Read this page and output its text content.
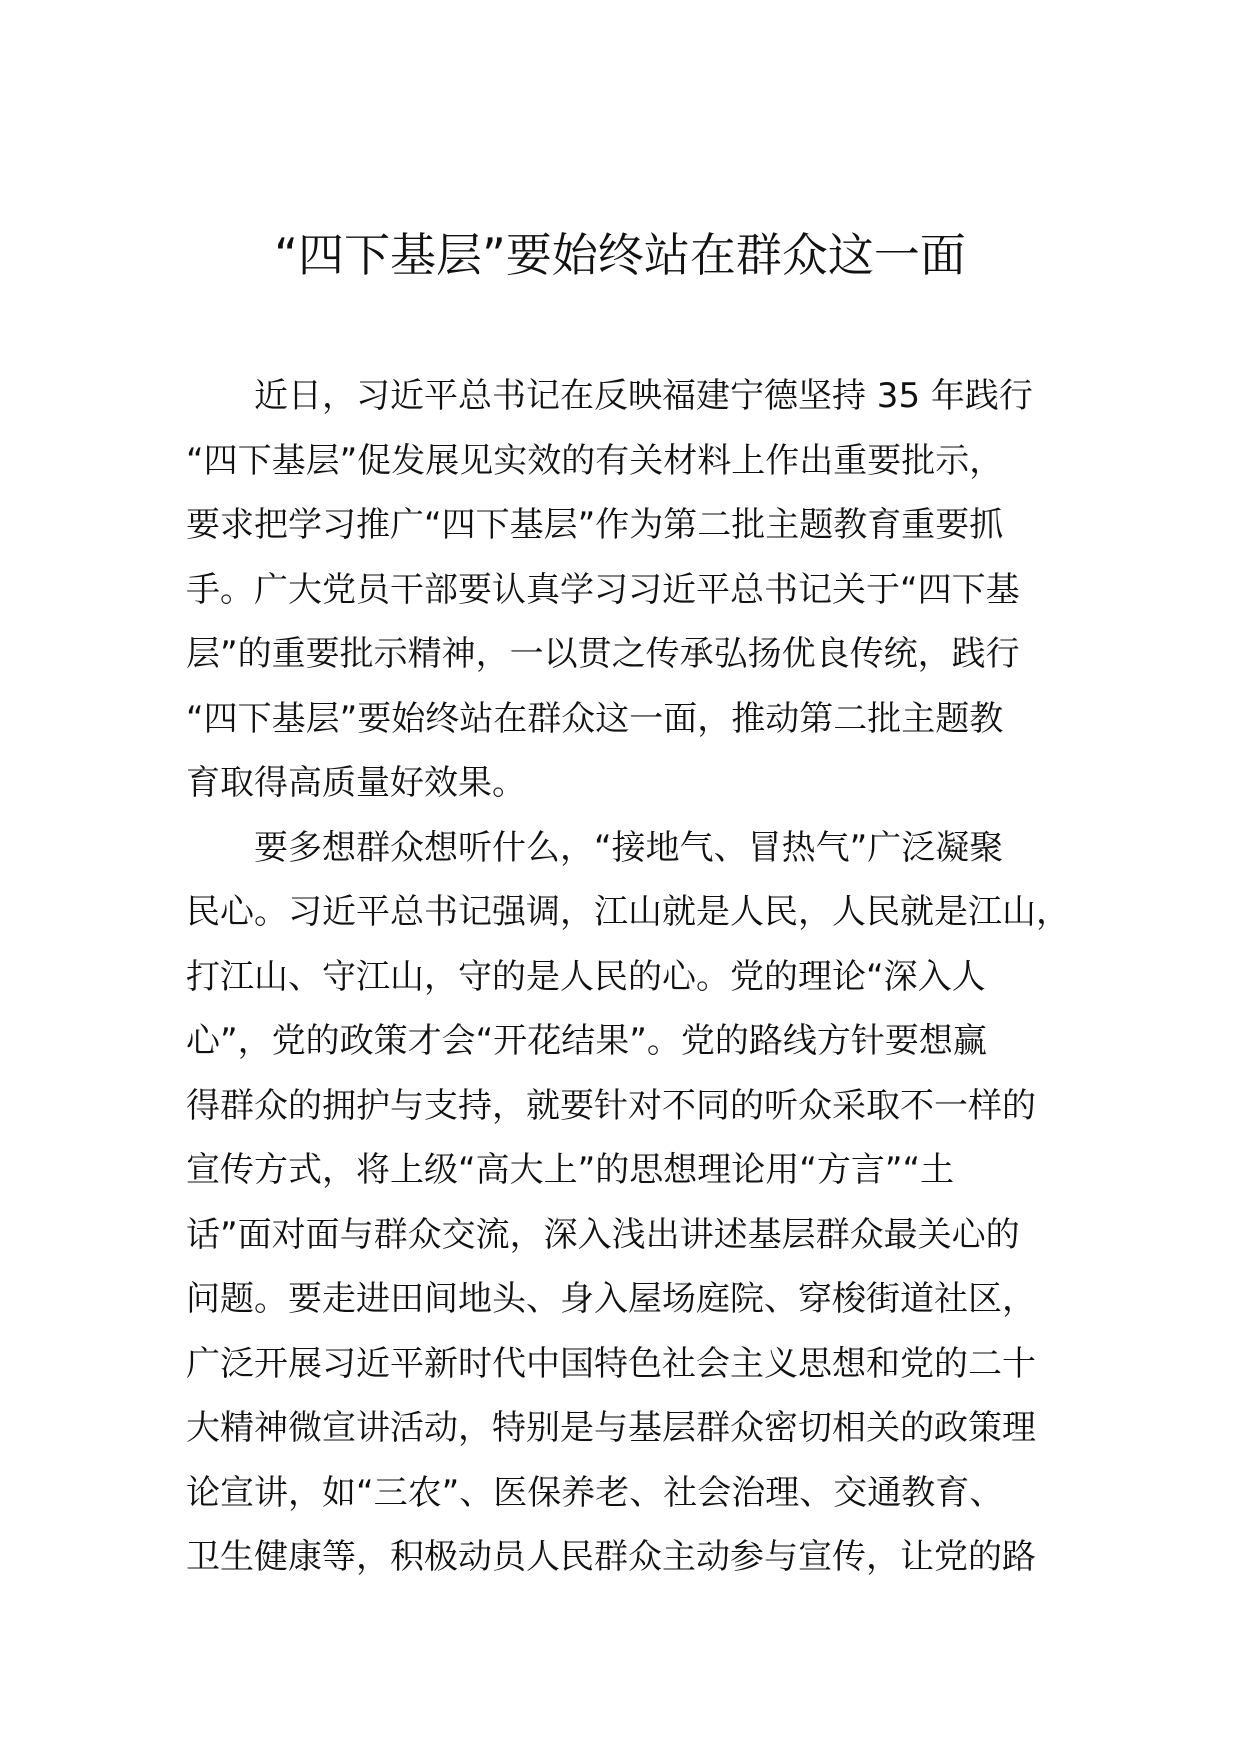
“四下基层”要始终站在群众这一面
近日，习近平总书记在反映福建宁德坚持 35 年践行
“四下基层”促发展见实效的有关材料上作出重要批示，
要求把学习推广“四下基层”作为第二批主题教育重要抓
手。广大党员干部要认真学习习近平总书记关于“四下基
层”的重要批示精神，一以贯之传承弘扬优良传统，践行
“四下基层”要始终站在群众这一面，推动第二批主题教
育取得高质量好效果。
要多想群众想听什么，“接地气、冒热气”广泛凝聚
民心。习近平总书记强调，江山就是人民，人民就是江山，
打江山、守江山，守的是人民的心。党的理论“深入人
心”，党的政策才会“开花结果”。党的路线方针要想赢
得群众的拥护与支持，就要针对不同的听众采取不一样的
宣传方式，将上级“高大上”的思想理论用“方言”“土
话”面对面与群众交流，深入浅出讲述基层群众最关心的
问题。要走进田间地头、身入屋场庭院、穿梭街道社区，
广泛开展习近平新时代中国特色社会主义思想和党的二十
大精神微宣讲活动，特别是与基层群众密切相关的政策理
论宣讲，如“三农”、医保养老、社会治理、交通教育、
卫生健康等，积极动员人民群众主动参与宣传，让党的路
